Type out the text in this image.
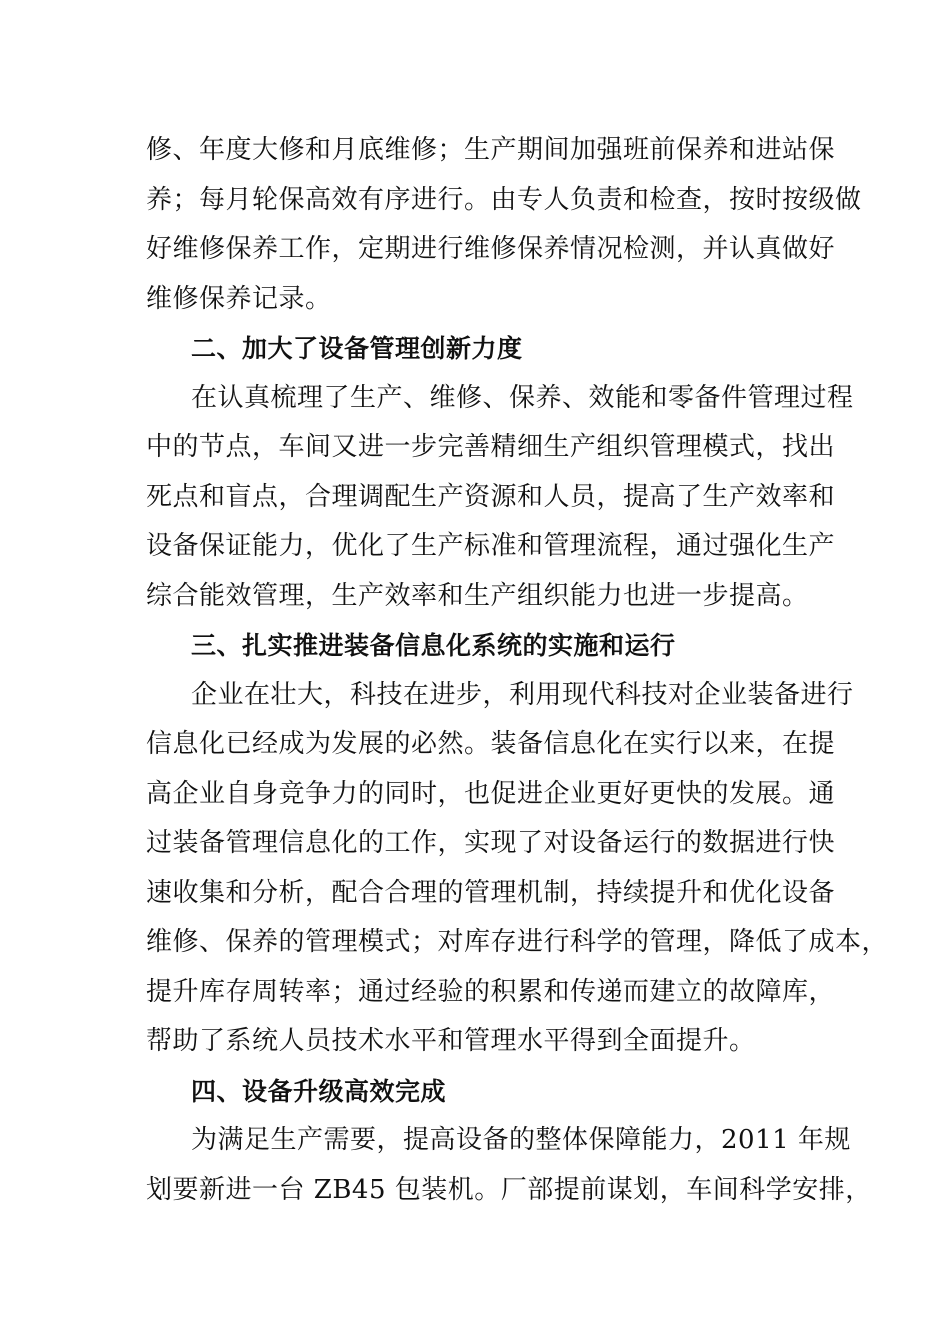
修、年度大修和月底维修；生产期间加强班前保养和进站保
养；每月轮保高效有序进行。由专人负责和检查，按时按级做
好维修保养工作，定期进行维修保养情况检测，并认真做好
维修保养记录。
二、加大了设备管理创新力度
在认真梳理了生产、维修、保养、效能和零备件管理过程
中的节点，车间又进一步完善精细生产组织管理模式，找出
死点和盲点，合理调配生产资源和人员，提高了生产效率和
设备保证能力，优化了生产标准和管理流程，通过强化生产
综合能效管理，生产效率和生产组织能力也进一步提高。
三、扎实推进装备信息化系统的实施和运行
企业在壮大，科技在进步，利用现代科技对企业装备进行
信息化已经成为发展的必然。装备信息化在实行以来，在提
高企业自身竞争力的同时，也促进企业更好更快的发展。通
过装备管理信息化的工作，实现了对设备运行的数据进行快
速收集和分析，配合合理的管理机制，持续提升和优化设备
维修、保养的管理模式；对库存进行科学的管理，降低了成本，
提升库存周转率；通过经验的积累和传递而建立的故障库，
帮助了系统人员技术水平和管理水平得到全面提升。
四、设备升级高效完成
为满足生产需要，提高设备的整体保障能力，2011 年规
划要新进一台 ZB45 包装机。厂部提前谋划，车间科学安排，
